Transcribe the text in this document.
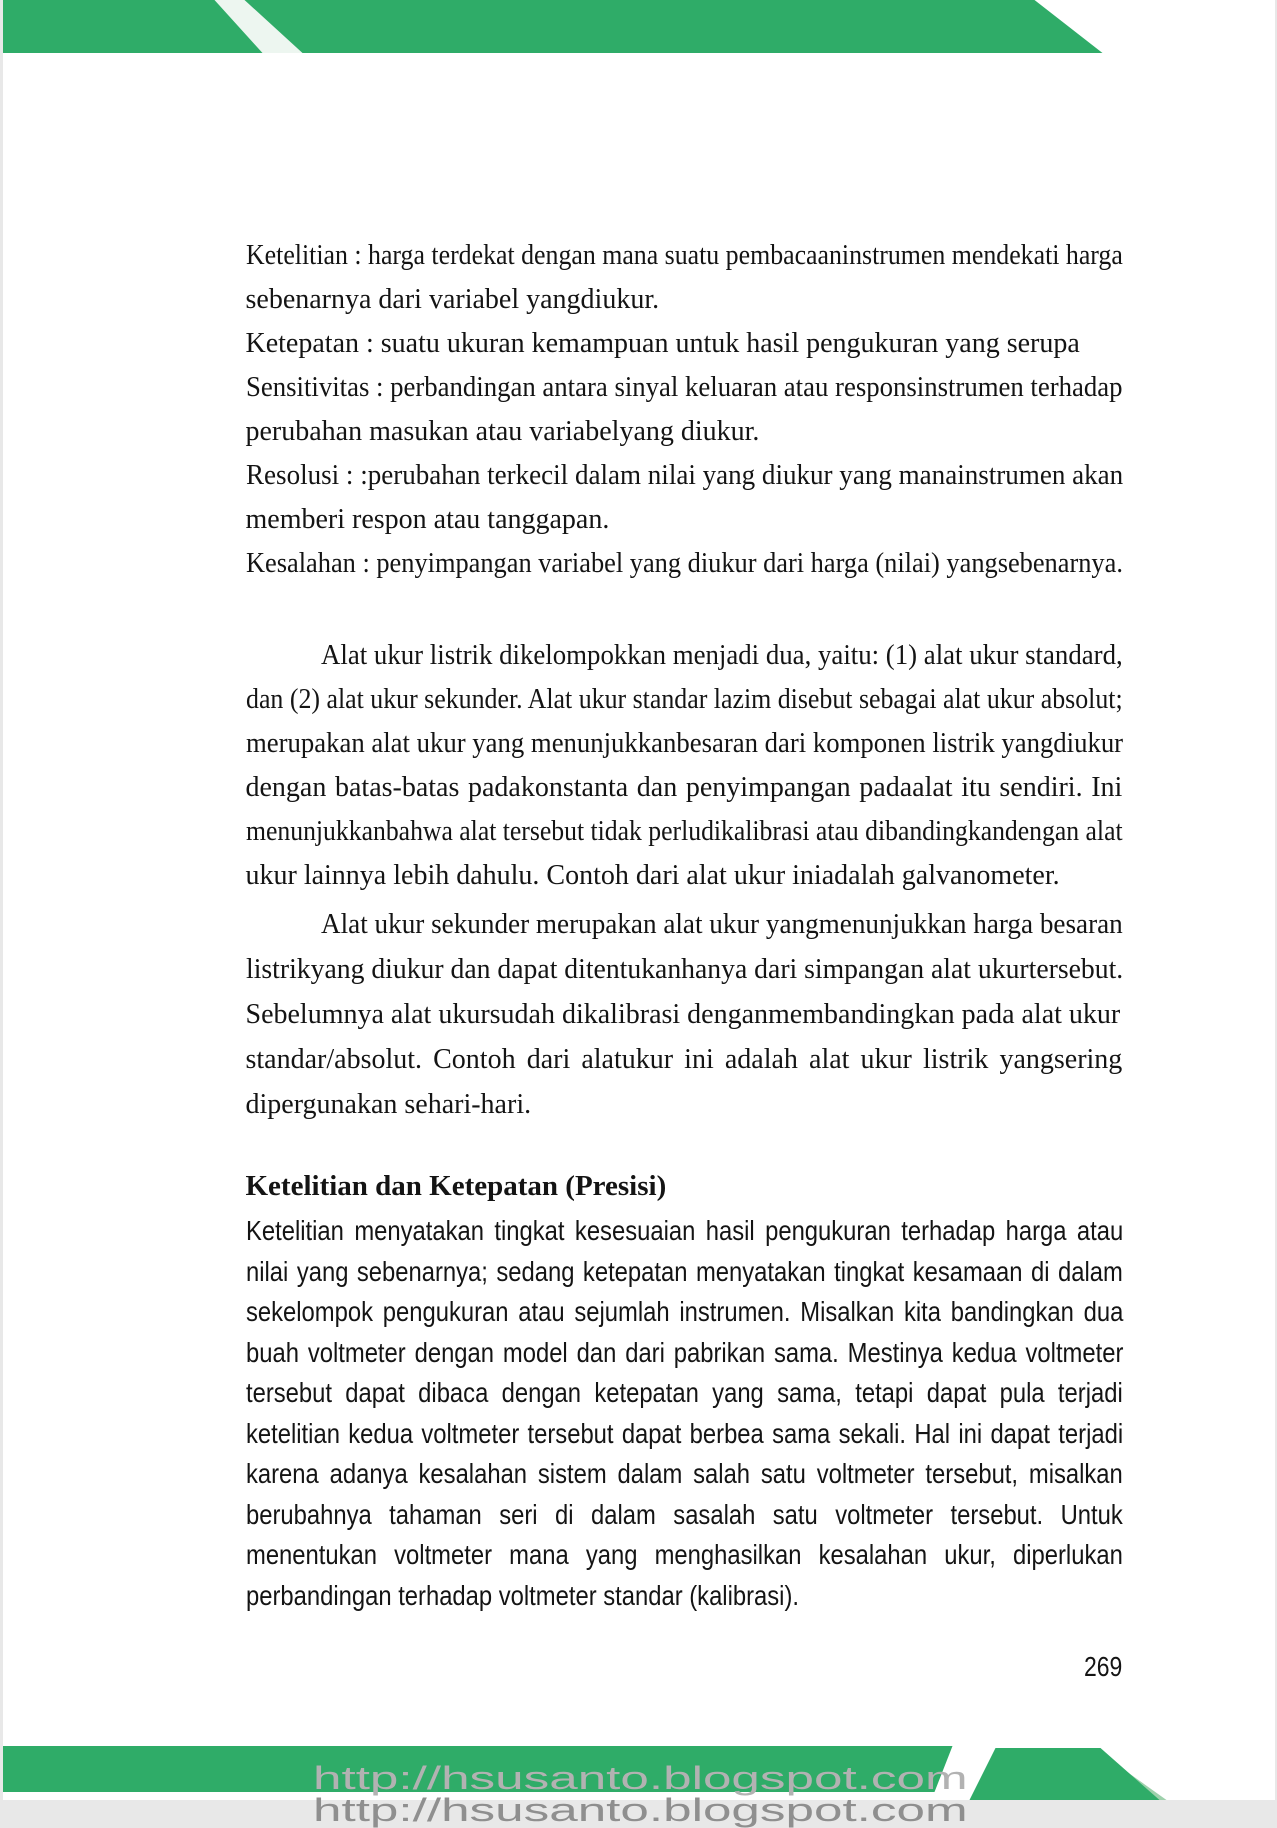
Ketelitian : harga terdekat dengan mana suatu pembacaaninstrumen mendekati harga
sebenarnya dari variabel yangdiukur.
Ketepatan : suatu ukuran kemampuan untuk hasil pengukuran yang serupa
Sensitivitas : perbandingan antara sinyal keluaran atau responsinstrumen terhadap
perubahan masukan atau variabelyang diukur.
Resolusi : :perubahan terkecil dalam nilai yang diukur yang manainstrumen akan
memberi respon atau tanggapan.
Kesalahan : penyimpangan variabel yang diukur dari harga (nilai) yangsebenarnya.
Alat ukur listrik dikelompokkan menjadi dua, yaitu: (1) alat ukur standard,
dan (2) alat ukur sekunder. Alat ukur standar lazim disebut sebagai alat ukur absolut;
merupakan alat ukur yang menunjukkanbesaran dari komponen listrik yangdiukur
dengan batas-batas padakonstanta dan penyimpangan padaalat itu sendiri. Ini
menunjukkanbahwa alat tersebut tidak perludikalibrasi atau dibandingkandengan alat
ukur lainnya lebih dahulu. Contoh dari alat ukur iniadalah galvanometer.
Alat ukur sekunder merupakan alat ukur yangmenunjukkan harga besaran
listrikyang diukur dan dapat ditentukanhanya dari simpangan alat ukurtersebut.
Sebelumnya alat ukursudah dikalibrasi denganmembandingkan pada alat ukur
standar/absolut. Contoh dari alatukur ini adalah alat ukur listrik yangsering
dipergunakan sehari-hari.
Ketelitian dan Ketepatan (Presisi)
Ketelitian menyatakan tingkat kesesuaian hasil pengukuran terhadap harga atau
nilai yang sebenarnya; sedang ketepatan menyatakan tingkat kesamaan di dalam
sekelompok pengukuran atau sejumlah instrumen. Misalkan kita bandingkan dua
buah voltmeter dengan model dan dari pabrikan sama. Mestinya kedua voltmeter
tersebut dapat dibaca dengan ketepatan yang sama, tetapi dapat pula terjadi
ketelitian kedua voltmeter tersebut dapat berbea sama sekali. Hal ini dapat terjadi
karena adanya kesalahan sistem dalam salah satu voltmeter tersebut, misalkan
berubahnya tahaman seri di dalam sasalah satu voltmeter tersebut. Untuk
menentukan voltmeter mana yang menghasilkan kesalahan ukur, diperlukan
perbandingan terhadap voltmeter standar (kalibrasi).
269
http://hsusanto.blogspot.com
http://hsusanto.blogspot.com
